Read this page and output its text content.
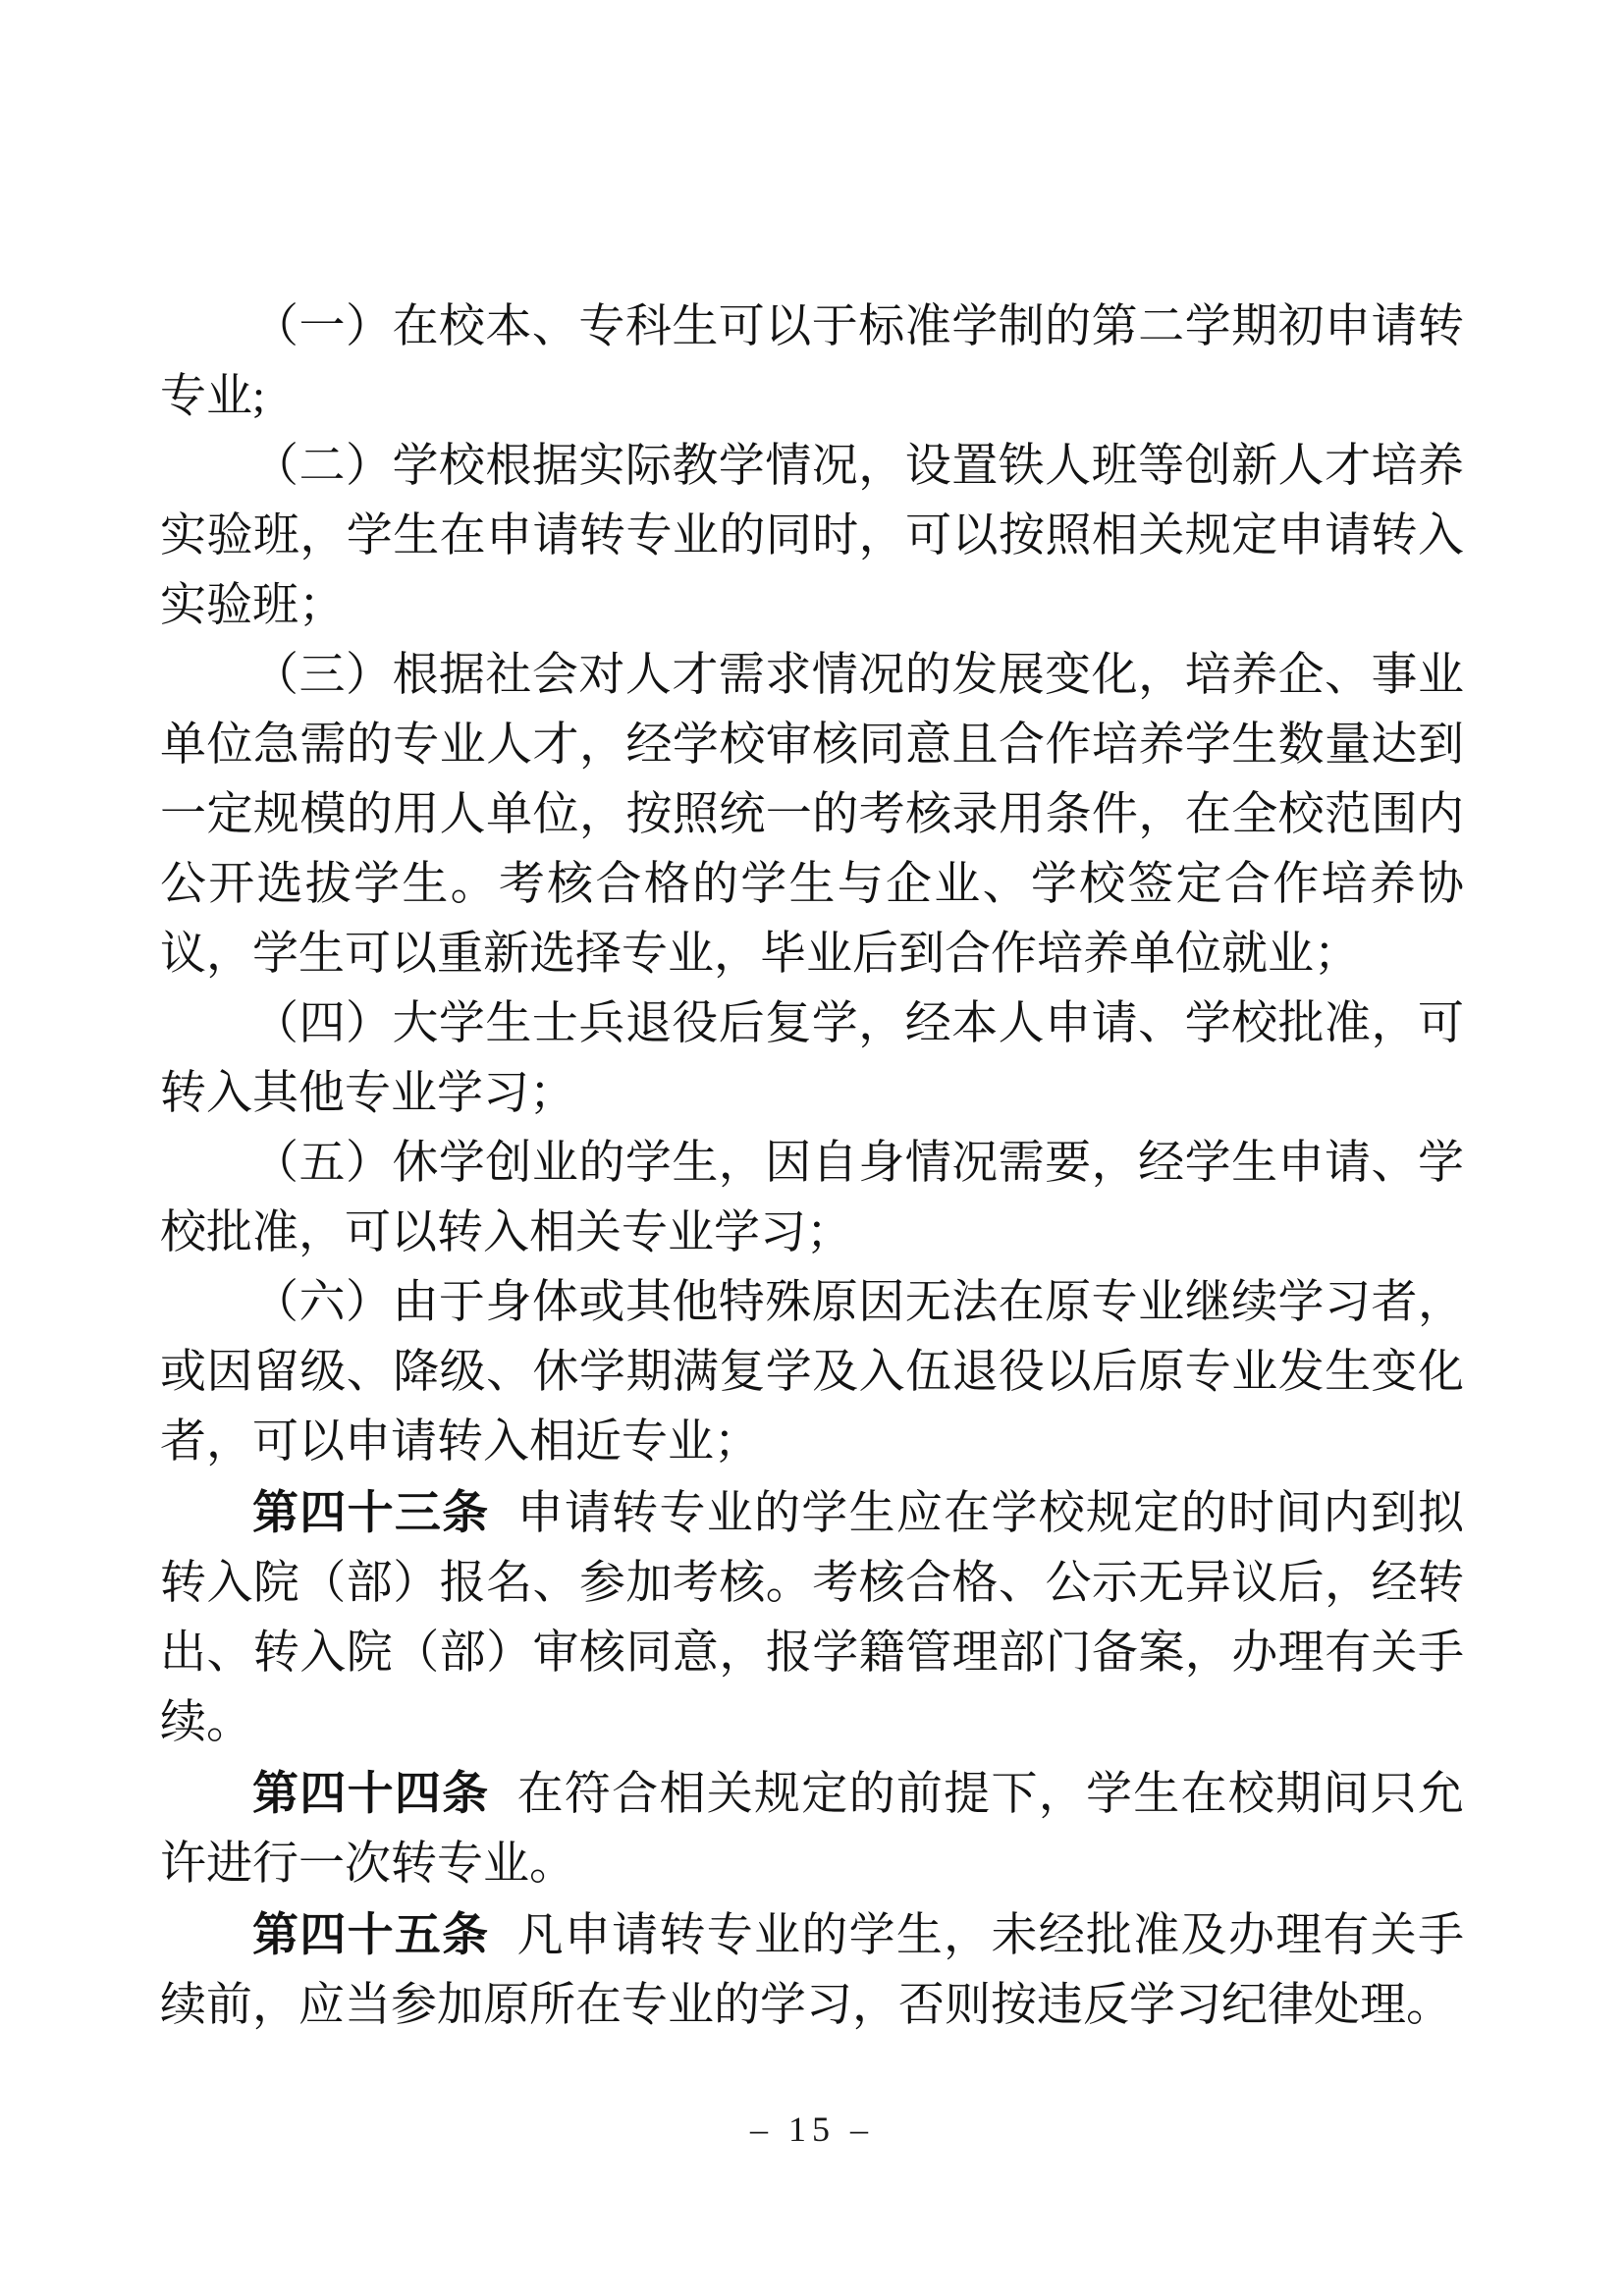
（一）在校本、专科生可以于标准学制的第二学期初申请转专业;

（二）学校根据实际教学情况，设置铁人班等创新人才培养实验班，学生在申请转专业的同时，可以按照相关规定申请转入实验班；

（三）根据社会对人才需求情况的发展变化，培养企、事业单位急需的专业人才，经学校审核同意且合作培养学生数量达到一定规模的用人单位，按照统一的考核录用条件，在全校范围内公开选拔学生。考核合格的学生与企业、学校签定合作培养协议，学生可以重新选择专业，毕业后到合作培养单位就业；

（四）大学生士兵退役后复学，经本人申请、学校批准，可转入其他专业学习；

（五）休学创业的学生，因自身情况需要，经学生申请、学校批准，可以转入相关专业学习；

（六）由于身体或其他特殊原因无法在原专业继续学习者，或因留级、降级、休学期满复学及入伍退役以后原专业发生变化者，可以申请转入相近专业；

第四十三条 申请转专业的学生应在学校规定的时间内到拟转入院（部）报名、参加考核。考核合格、公示无异议后，经转出、转入院（部）审核同意，报学籍管理部门备案，办理有关手续。

第四十四条 在符合相关规定的前提下，学生在校期间只允许进行一次转专业。

第四十五条 凡申请转专业的学生，未经批准及办理有关手续前，应当参加原所在专业的学习，否则按违反学习纪律处理。

– 15 –
